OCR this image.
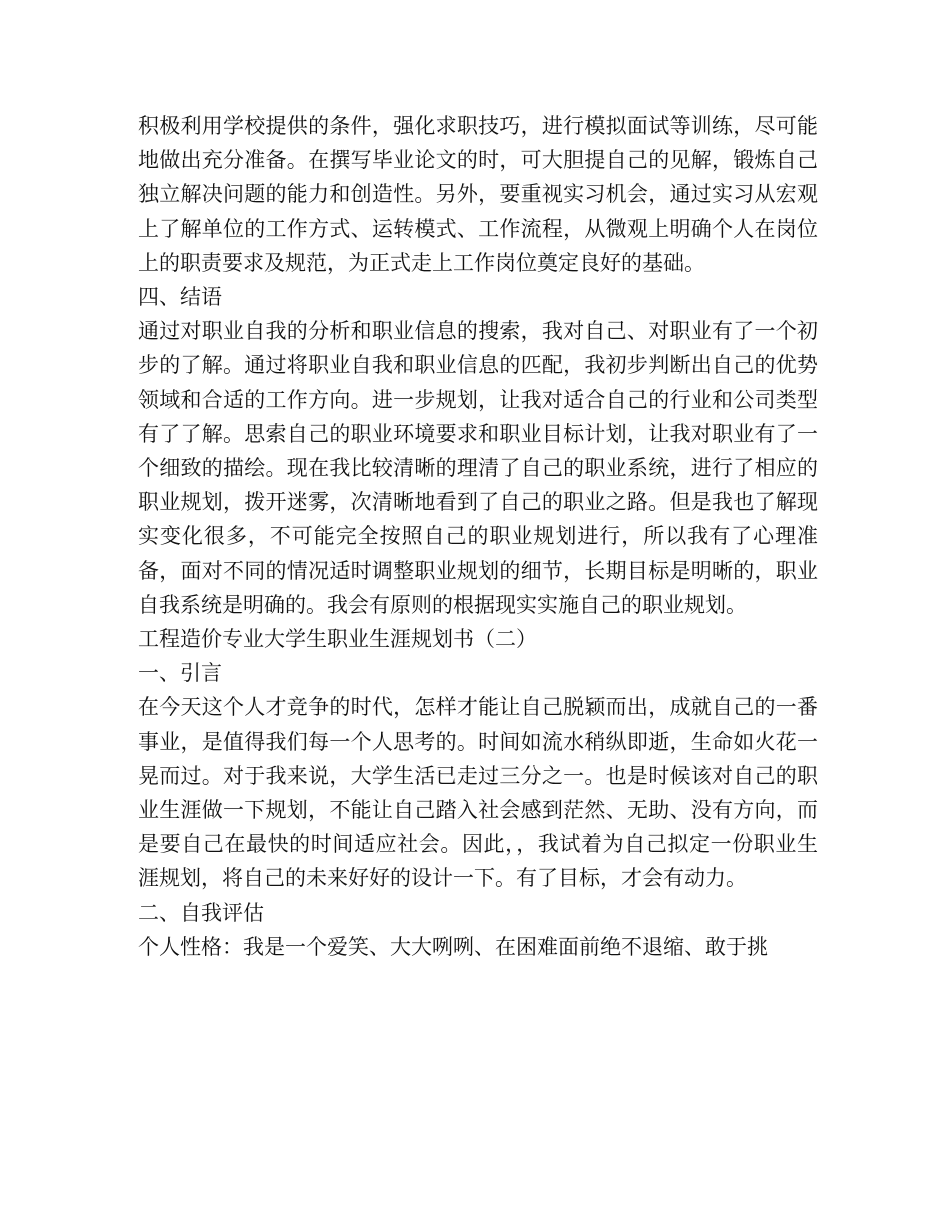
积极利用学校提供的条件，强化求职技巧，进行模拟面试等训练，尽可能地做出充分准备。在撰写毕业论文的时，可大胆提自己的见解，锻炼自己独立解决问题的能力和创造性。另外，要重视实习机会，通过实习从宏观上了解单位的工作方式、运转模式、工作流程，从微观上明确个人在岗位上的职责要求及规范，为正式走上工作岗位奠定良好的基础。

四、结语

通过对职业自我的分析和职业信息的搜索，我对自己、对职业有了一个初步的了解。通过将职业自我和职业信息的匹配，我初步判断出自己的优势领域和合适的工作方向。进一步规划，让我对适合自己的行业和公司类型有了了解。思索自己的职业环境要求和职业目标计划，让我对职业有了一个细致的描绘。现在我比较清晰的理清了自己的职业系统，进行了相应的职业规划，拨开迷雾，次清晰地看到了自己的职业之路。但是我也了解现实变化很多，不可能完全按照自己的职业规划进行，所以我有了心理准备，面对不同的情况适时调整职业规划的细节，长期目标是明晰的，职业自我系统是明确的。我会有原则的根据现实实施自己的职业规划。

工程造价专业大学生职业生涯规划书（二）

一、引言

在今天这个人才竞争的时代，怎样才能让自己脱颖而出，成就自己的一番事业，是值得我们每一个人思考的。时间如流水稍纵即逝，生命如火花一晃而过。对于我来说，大学生活已走过三分之一。也是时候该对自己的职业生涯做一下规划，不能让自己踏入社会感到茫然、无助、没有方向，而是要自己在最快的时间适应社会。因此，，我试着为自己拟定一份职业生涯规划，将自己的未来好好的设计一下。有了目标，才会有动力。

二、自我评估

个人性格：我是一个爱笑、大大咧咧、在困难面前绝不退缩、敢于挑
